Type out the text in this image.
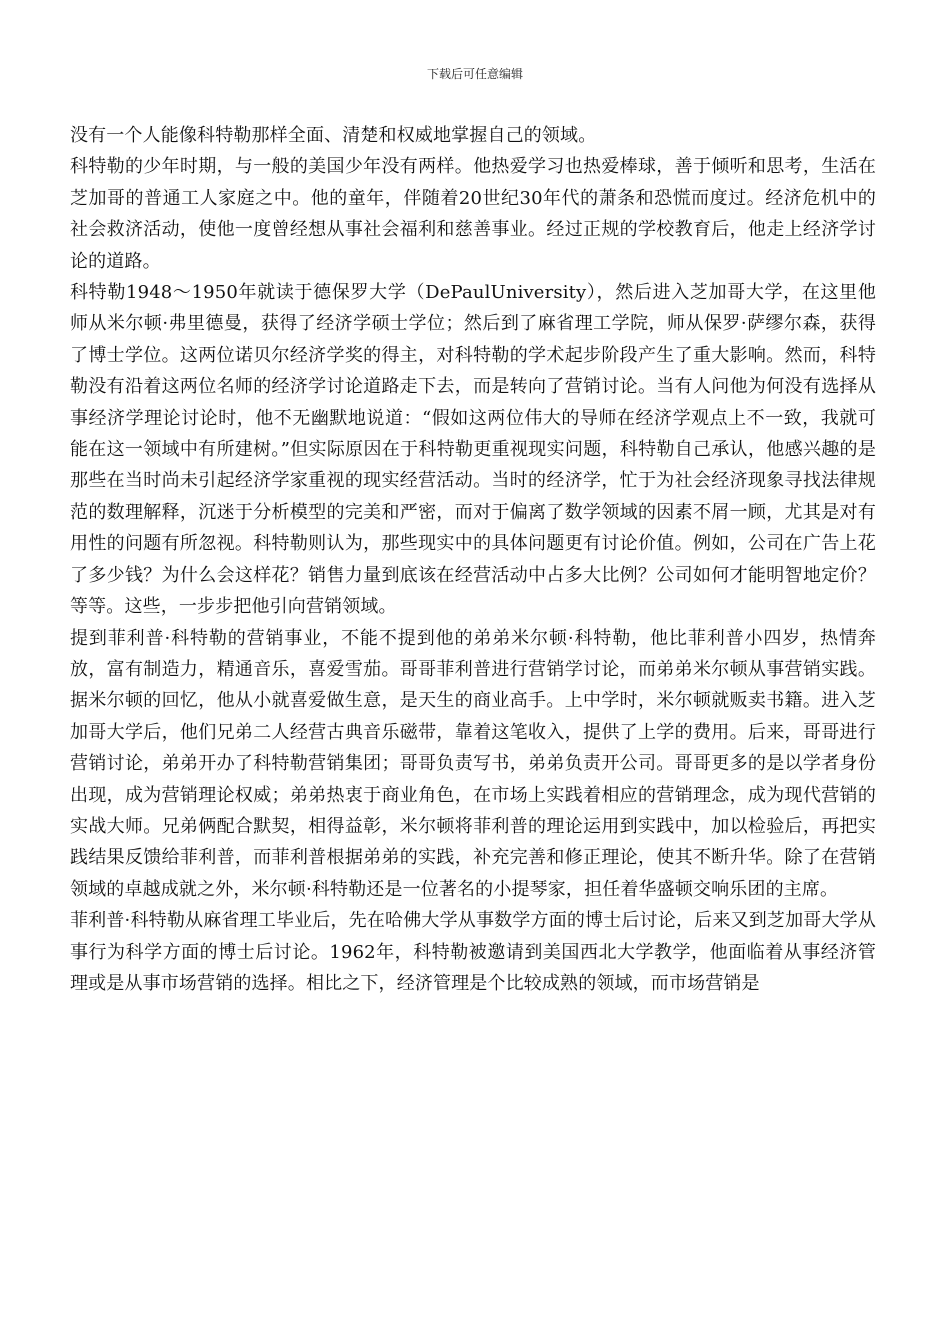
下载后可任意编辑

没有一个人能像科特勒那样全面、清楚和权威地掌握自己的领域。

科特勒的少年时期，与一般的美国少年没有两样。他热爱学习也热爱棒球，善于倾听和思考，生活在芝加哥的普通工人家庭之中。他的童年，伴随着20世纪30年代的萧条和恐慌而度过。经济危机中的社会救济活动，使他一度曾经想从事社会福利和慈善事业。经过正规的学校教育后，他走上经济学讨论的道路。

科特勒1948～1950年就读于德保罗大学（DePaulUniversity），然后进入芝加哥大学，在这里他师从米尔顿·弗里德曼，获得了经济学硕士学位；然后到了麻省理工学院，师从保罗·萨缪尔森，获得了博士学位。这两位诺贝尔经济学奖的得主，对科特勒的学术起步阶段产生了重大影响。然而，科特勒没有沿着这两位名师的经济学讨论道路走下去，而是转向了营销讨论。当有人问他为何没有选择从事经济学理论讨论时，他不无幽默地说道：“假如这两位伟大的导师在经济学观点上不一致，我就可能在这一领域中有所建树。”但实际原因在于科特勒更重视现实问题，科特勒自己承认，他感兴趣的是那些在当时尚未引起经济学家重视的现实经营活动。当时的经济学，忙于为社会经济现象寻找法律规范的数理解释，沉迷于分析模型的完美和严密，而对于偏离了数学领域的因素不屑一顾，尤其是对有用性的问题有所忽视。科特勒则认为，那些现实中的具体问题更有讨论价值。例如，公司在广告上花了多少钱？为什么会这样花？销售力量到底该在经营活动中占多大比例？公司如何才能明智地定价？等等。这些，一步步把他引向营销领域。

提到菲利普·科特勒的营销事业，不能不提到他的弟弟米尔顿·科特勒，他比菲利普小四岁，热情奔放，富有制造力，精通音乐，喜爱雪茄。哥哥菲利普进行营销学讨论，而弟弟米尔顿从事营销实践。据米尔顿的回忆，他从小就喜爱做生意，是天生的商业高手。上中学时，米尔顿就贩卖书籍。进入芝加哥大学后，他们兄弟二人经营古典音乐磁带，靠着这笔收入，提供了上学的费用。后来，哥哥进行营销讨论，弟弟开办了科特勒营销集团；哥哥负责写书，弟弟负责开公司。哥哥更多的是以学者身份出现，成为营销理论权威；弟弟热衷于商业角色，在市场上实践着相应的营销理念，成为现代营销的实战大师。兄弟俩配合默契，相得益彰，米尔顿将菲利普的理论运用到实践中，加以检验后，再把实践结果反馈给菲利普，而菲利普根据弟弟的实践，补充完善和修正理论，使其不断升华。除了在营销领域的卓越成就之外，米尔顿·科特勒还是一位著名的小提琴家，担任着华盛顿交响乐团的主席。

菲利普·科特勒从麻省理工毕业后，先在哈佛大学从事数学方面的博士后讨论，后来又到芝加哥大学从事行为科学方面的博士后讨论。1962年，科特勒被邀请到美国西北大学教学，他面临着从事经济管理或是从事市场营销的选择。相比之下，经济管理是个比较成熟的领域，而市场营销是
